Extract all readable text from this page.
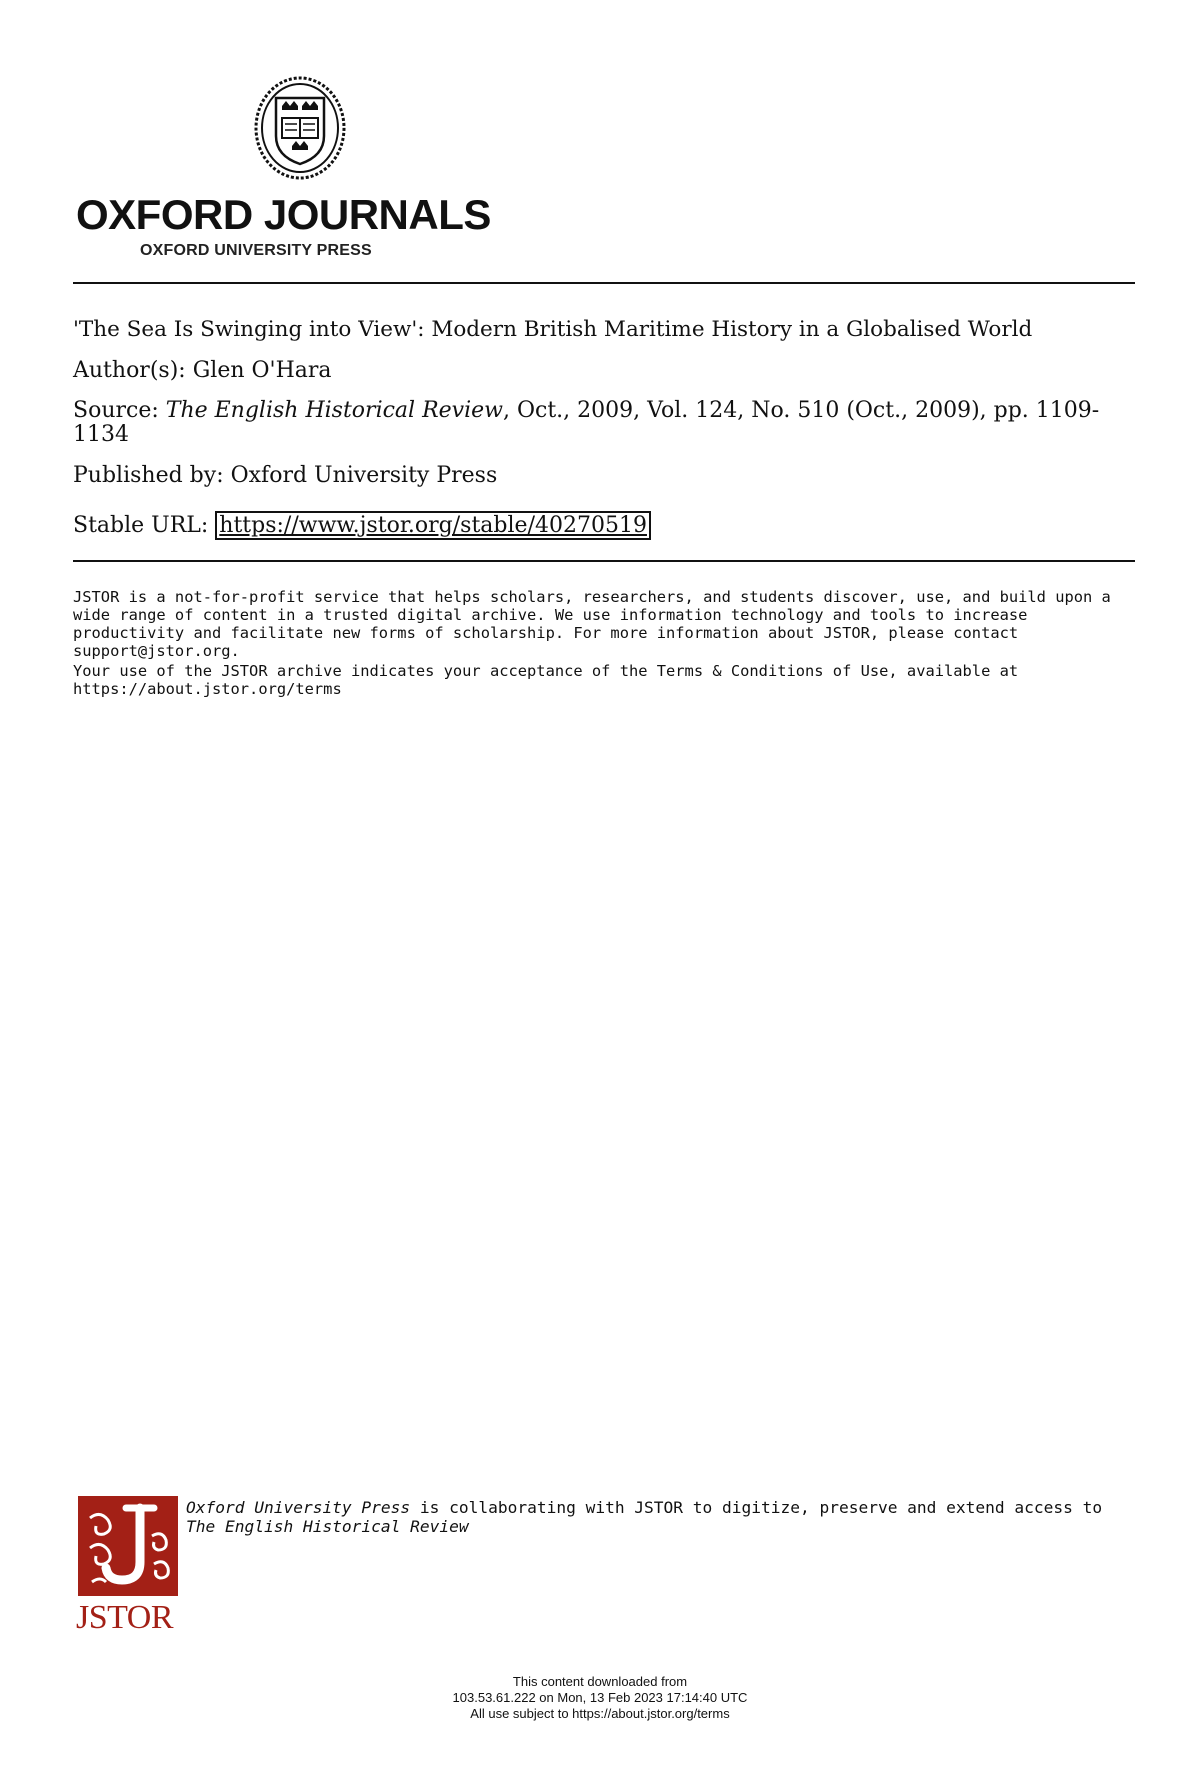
OXFORD JOURNALS
OXFORD UNIVERSITY PRESS
'The Sea Is Swinging into View': Modern British Maritime History in a Globalised World
Author(s): Glen O'Hara
Source: The English Historical Review, Oct., 2009, Vol. 124, No. 510 (Oct., 2009), pp. 1109-1134
Published by: Oxford University Press
Stable URL: https://www.jstor.org/stable/40270519
JSTOR is a not-for-profit service that helps scholars, researchers, and students discover, use, and build upon a wide range of content in a trusted digital archive. We use information technology and tools to increase productivity and facilitate new forms of scholarship. For more information about JSTOR, please contact support@jstor.org.
Your use of the JSTOR archive indicates your acceptance of the Terms & Conditions of Use, available at
https://about.jstor.org/terms
JSTOR
Oxford University Press is collaborating with JSTOR to digitize, preserve and extend access to
The English Historical Review
This content downloaded from
103.53.61.222 on Mon, 13 Feb 2023 17:14:40 UTC
All use subject to https://about.jstor.org/terms
